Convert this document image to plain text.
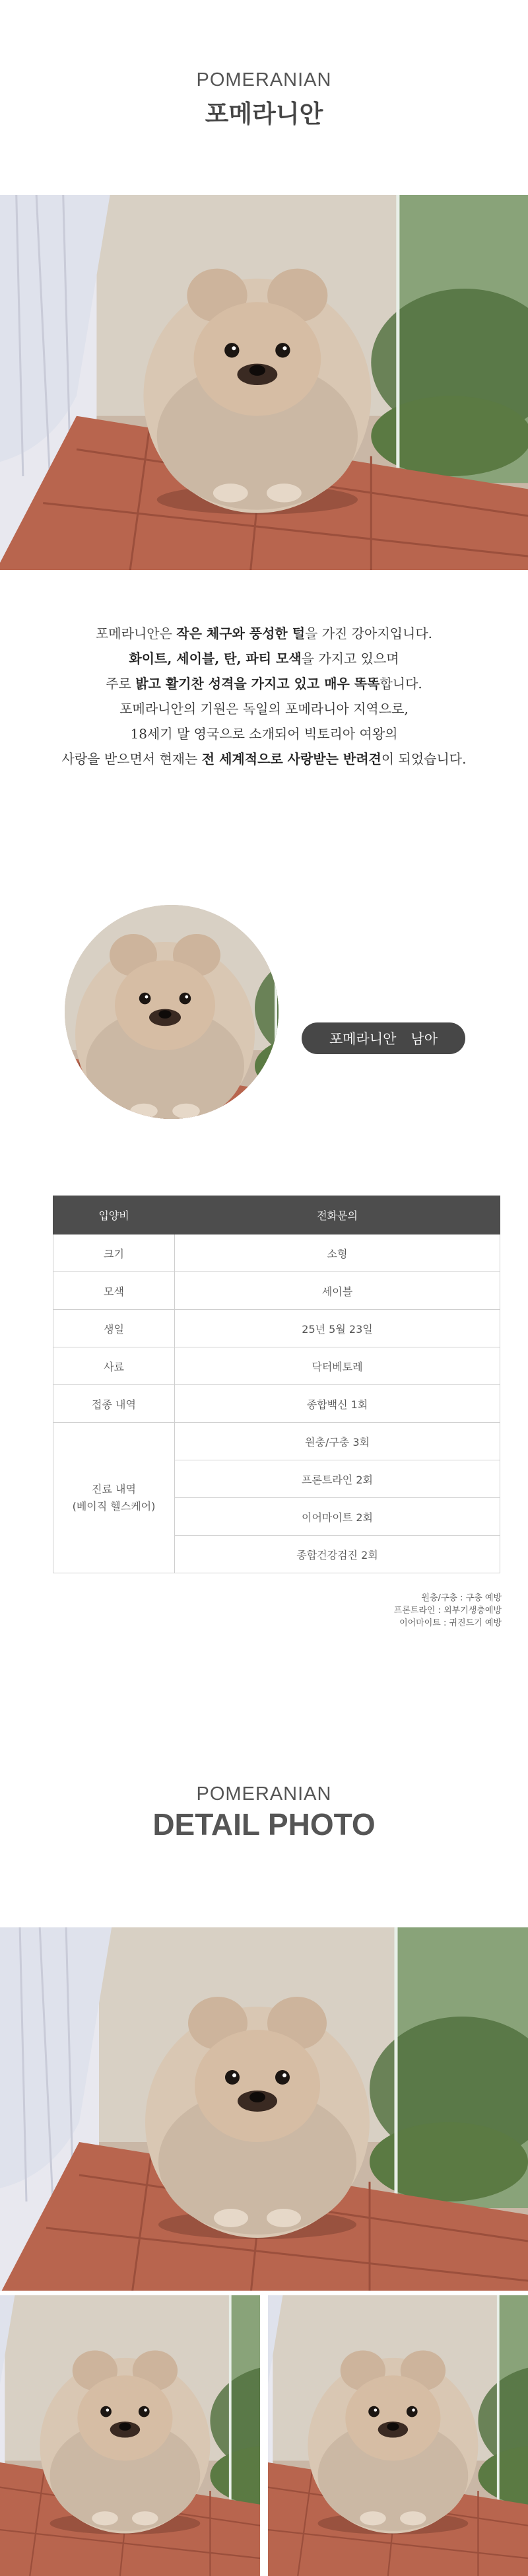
POMERANIAN
포메라니안
포메라니안은 작은 체구와 풍성한 털을 가진 강아지입니다.
화이트, 세이블, 탄, 파티 모색을 가지고 있으며
주로 밝고 활기찬 성격을 가지고 있고 매우 똑똑합니다.
포메라니안의 기원은 독일의 포메라니아 지역으로,
18세기 말 영국으로 소개되어 빅토리아 여왕의
사랑을 받으면서 현재는 전 세계적으로 사랑받는 반려견이 되었습니다.
포메라니안 남아
입양비	전화문의
크기	소형
모색	세이블
생일	25년 5월 23일
사료	닥터베토레
접종 내역	종합백신 1회
진료 내역
(베이직 헬스케어)	원충/구충 3회
	프론트라인 2회
	이어마이트 2회
	종합건강검진 2회
원충/구충 : 구충 예방
프론트라인 : 외부기생충예방
이어마이트 : 귀진드기 예방
POMERANIAN
DETAIL PHOTO
